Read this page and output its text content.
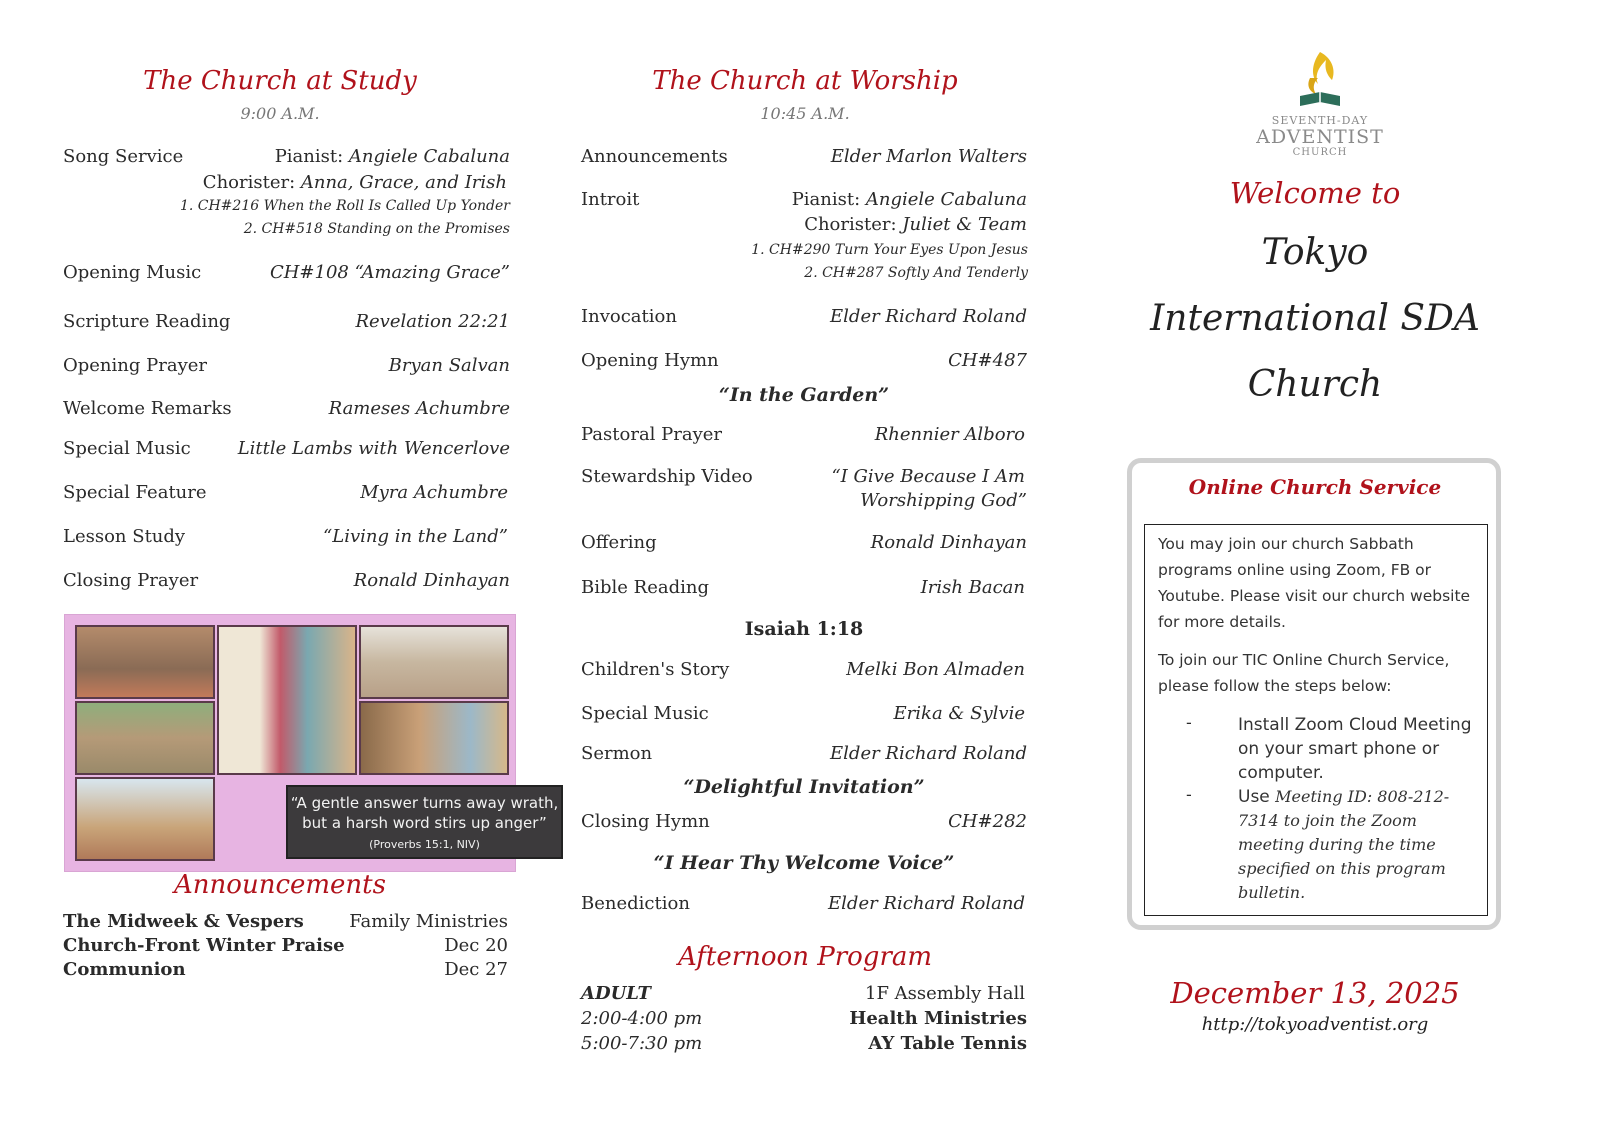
The Church at Study
9:00 A.M.
Song Service	Pianist: Angiele Cabaluna
Chorister: Anna, Grace, and Irish
1. CH#216 When the Roll Is Called Up Yonder
2. CH#518 Standing on the Promises
Opening Music	CH#108 “Amazing Grace”
Scripture Reading	Revelation 22:21
Opening Prayer	Bryan Salvan
Welcome Remarks	Rameses Achumbre
Special Music	Little Lambs with Wencerlove
Special Feature	Myra Achumbre
Lesson Study	“Living in the Land”
Closing Prayer	Ronald Dinhayan
“A gentle answer turns away wrath, but a harsh word stirs up anger”
(Proverbs 15:1, NIV)
Announcements
The Midweek & Vespers	Family Ministries
Church-Front Winter Praise	Dec 20
Communion	Dec 27
The Church at Worship
10:45 A.M.
Announcements	Elder Marlon Walters
Introit	Pianist: Angiele Cabaluna
Chorister: Juliet & Team
1. CH#290 Turn Your Eyes Upon Jesus
2. CH#287 Softly And Tenderly
Invocation	Elder Richard Roland
Opening Hymn	CH#487
“In the Garden”
Pastoral Prayer	Rhennier Alboro
Stewardship Video	“I Give Because I Am
Worshipping God”
Offering	Ronald Dinhayan
Bible Reading	Irish Bacan
Isaiah 1:18
Children's Story	Melki Bon Almaden
Special Music	Erika & Sylvie
Sermon	Elder Richard Roland
“Delightful Invitation”
Closing Hymn	CH#282
“I Hear Thy Welcome Voice”
Benediction	Elder Richard Roland
Afternoon Program
ADULT	1F Assembly Hall
2:00-4:00 pm	Health Ministries
5:00-7:30 pm	AY Table Tennis
SEVENTH-DAY
ADVENTIST
CHURCH
Welcome to
Tokyo
International SDA
Church
Online Church Service
You may join our church Sabbath programs online using Zoom, FB or Youtube. Please visit our church website for more details.
To join our TIC Online Church Service, please follow the steps below:
-	Install Zoom Cloud Meeting on your smart phone or computer.
-	Use Meeting ID: 808-212-7314 to join the Zoom meeting during the time specified on this program bulletin.
December 13, 2025
http://tokyoadventist.org
